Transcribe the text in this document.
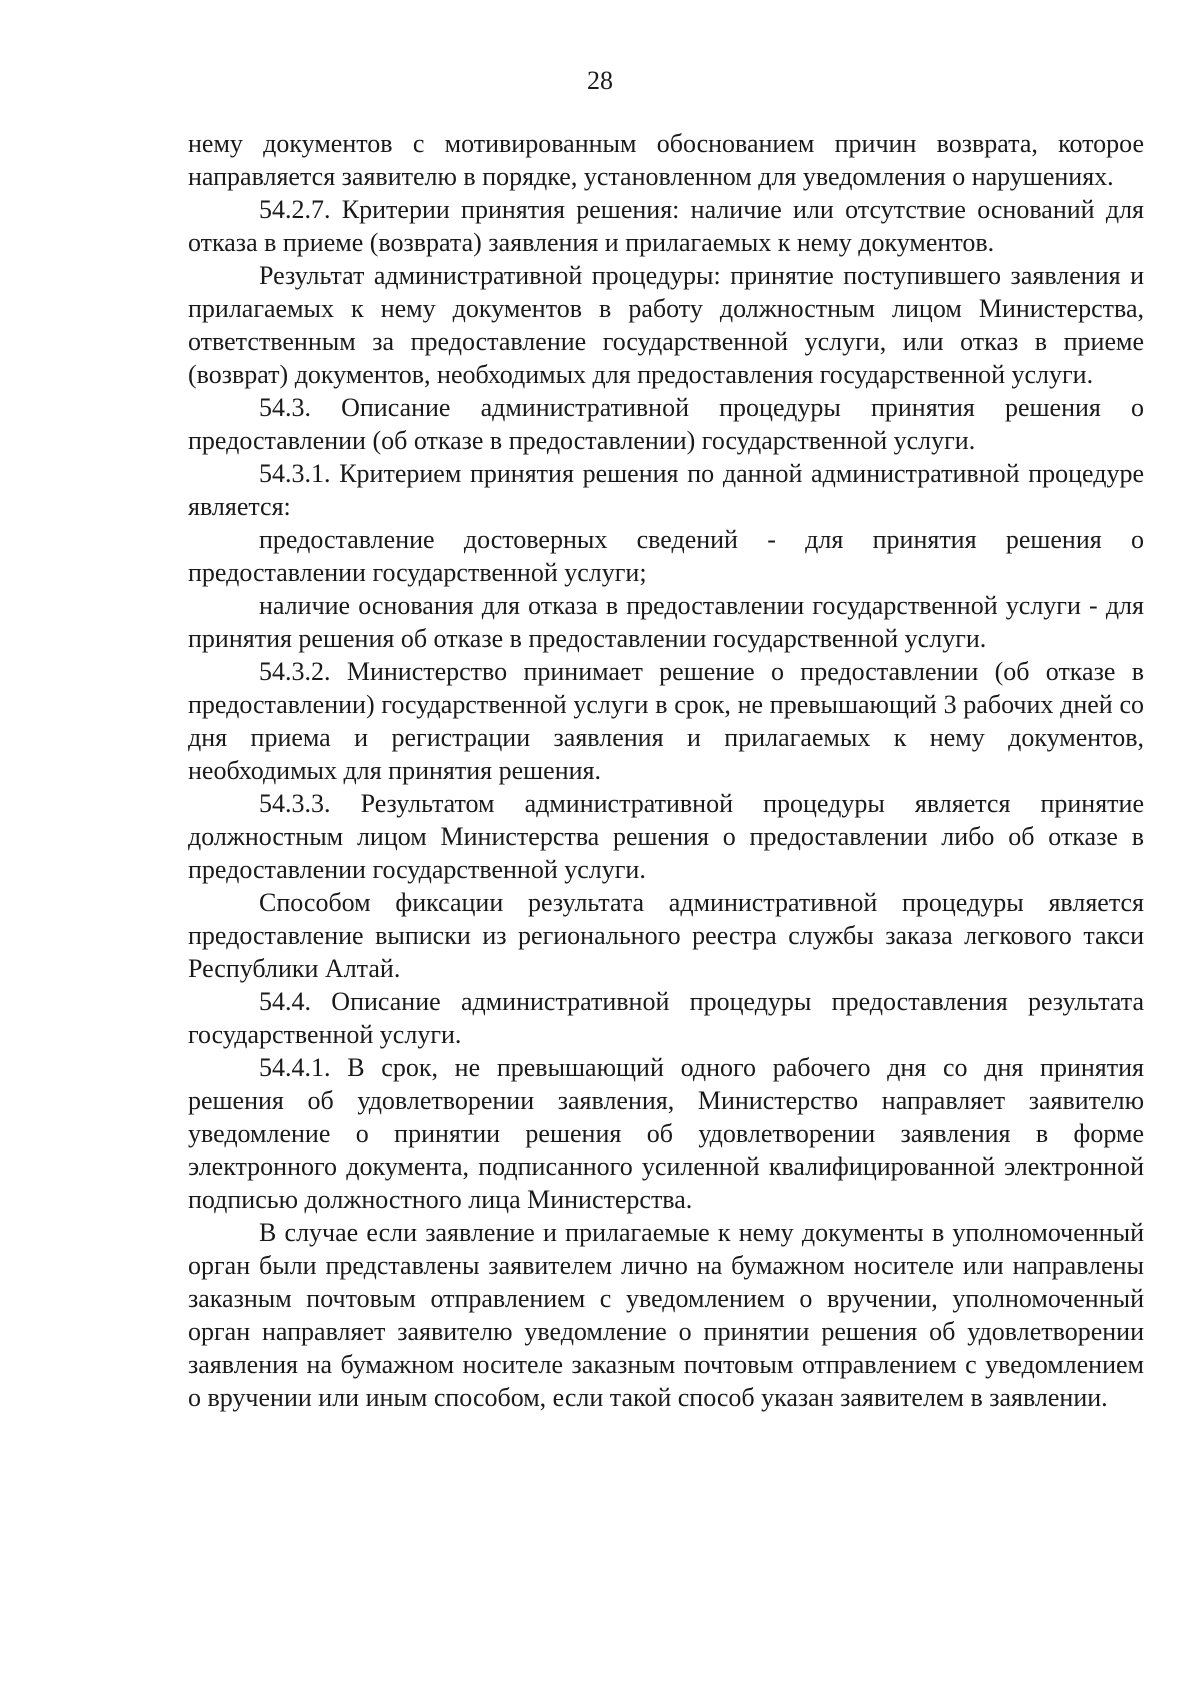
28

нему документов с мотивированным обоснованием причин возврата, которое направляется заявителю в порядке, установленном для уведомления о нарушениях.

54.2.7. Критерии принятия решения: наличие или отсутствие оснований для отказа в приеме (возврата) заявления и прилагаемых к нему документов.

Результат административной процедуры: принятие поступившего заявления и прилагаемых к нему документов в работу должностным лицом Министерства, ответственным за предоставление государственной услуги, или отказ в приеме (возврат) документов, необходимых для предоставления государственной услуги.

54.3. Описание административной процедуры принятия решения о предоставлении (об отказе в предоставлении) государственной услуги.

54.3.1. Критерием принятия решения по данной административной процедуре является:

предоставление достоверных сведений - для принятия решения о предоставлении государственной услуги;

наличие основания для отказа в предоставлении государственной услуги - для принятия решения об отказе в предоставлении государственной услуги.

54.3.2. Министерство принимает решение о предоставлении (об отказе в предоставлении) государственной услуги в срок, не превышающий 3 рабочих дней со дня приема и регистрации заявления и прилагаемых к нему документов, необходимых для принятия решения.

54.3.3. Результатом административной процедуры является принятие должностным лицом Министерства решения о предоставлении либо об отказе в предоставлении государственной услуги.

Способом фиксации результата административной процедуры является предоставление выписки из регионального реестра службы заказа легкового такси Республики Алтай.

54.4. Описание административной процедуры предоставления результата государственной услуги.

54.4.1. В срок, не превышающий одного рабочего дня со дня принятия решения об удовлетворении заявления, Министерство направляет заявителю уведомление о принятии решения об удовлетворении заявления в форме электронного документа, подписанного усиленной квалифицированной электронной подписью должностного лица Министерства.

В случае если заявление и прилагаемые к нему документы в уполномоченный орган были представлены заявителем лично на бумажном носителе или направлены заказным почтовым отправлением с уведомлением о вручении, уполномоченный орган направляет заявителю уведомление о принятии решения об удовлетворении заявления на бумажном носителе заказным почтовым отправлением с уведомлением о вручении или иным способом, если такой способ указан заявителем в заявлении.
